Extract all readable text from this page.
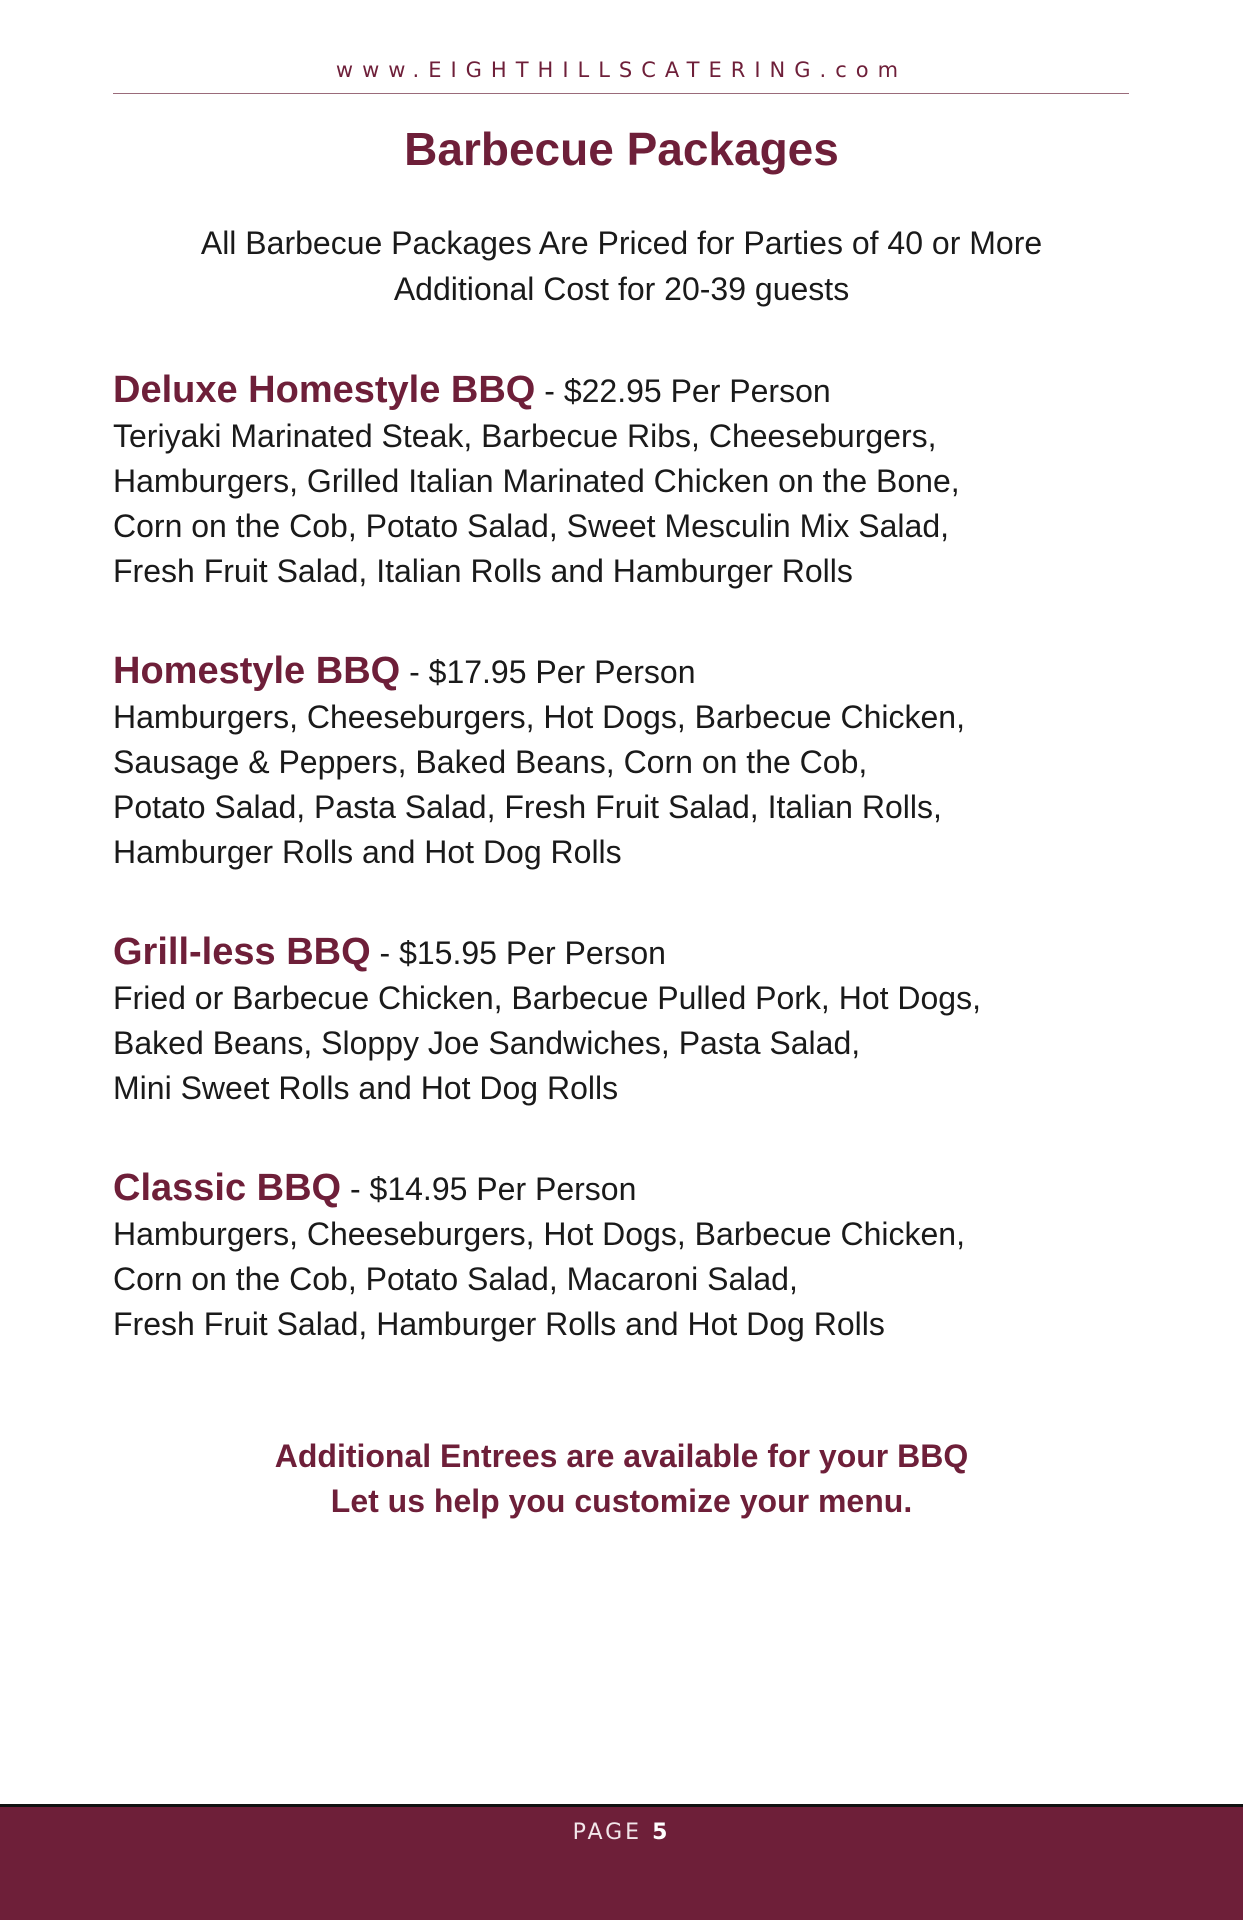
www.EIGHTHILLSCATERING.com
Barbecue Packages
All Barbecue Packages Are Priced for Parties of 40 or More
Additional Cost for 20-39 guests
Deluxe Homestyle BBQ - $22.95 Per Person
Teriyaki Marinated Steak, Barbecue Ribs, Cheeseburgers,
Hamburgers, Grilled Italian Marinated Chicken on the Bone,
Corn on the Cob, Potato Salad, Sweet Mesculin Mix Salad,
Fresh Fruit Salad, Italian Rolls and Hamburger Rolls
Homestyle BBQ - $17.95 Per Person
Hamburgers, Cheeseburgers, Hot Dogs, Barbecue Chicken,
Sausage & Peppers, Baked Beans, Corn on the Cob,
Potato Salad, Pasta Salad, Fresh Fruit Salad, Italian Rolls,
Hamburger Rolls and Hot Dog Rolls
Grill-less BBQ - $15.95 Per Person
Fried or Barbecue Chicken, Barbecue Pulled Pork, Hot Dogs,
Baked Beans, Sloppy Joe Sandwiches, Pasta Salad,
Mini Sweet Rolls and Hot Dog Rolls
Classic BBQ - $14.95 Per Person
Hamburgers, Cheeseburgers, Hot Dogs, Barbecue Chicken,
Corn on the Cob, Potato Salad, Macaroni Salad,
Fresh Fruit Salad, Hamburger Rolls and Hot Dog Rolls
Additional Entrees are available for your BBQ
Let us help you customize your menu.
PAGE 5
